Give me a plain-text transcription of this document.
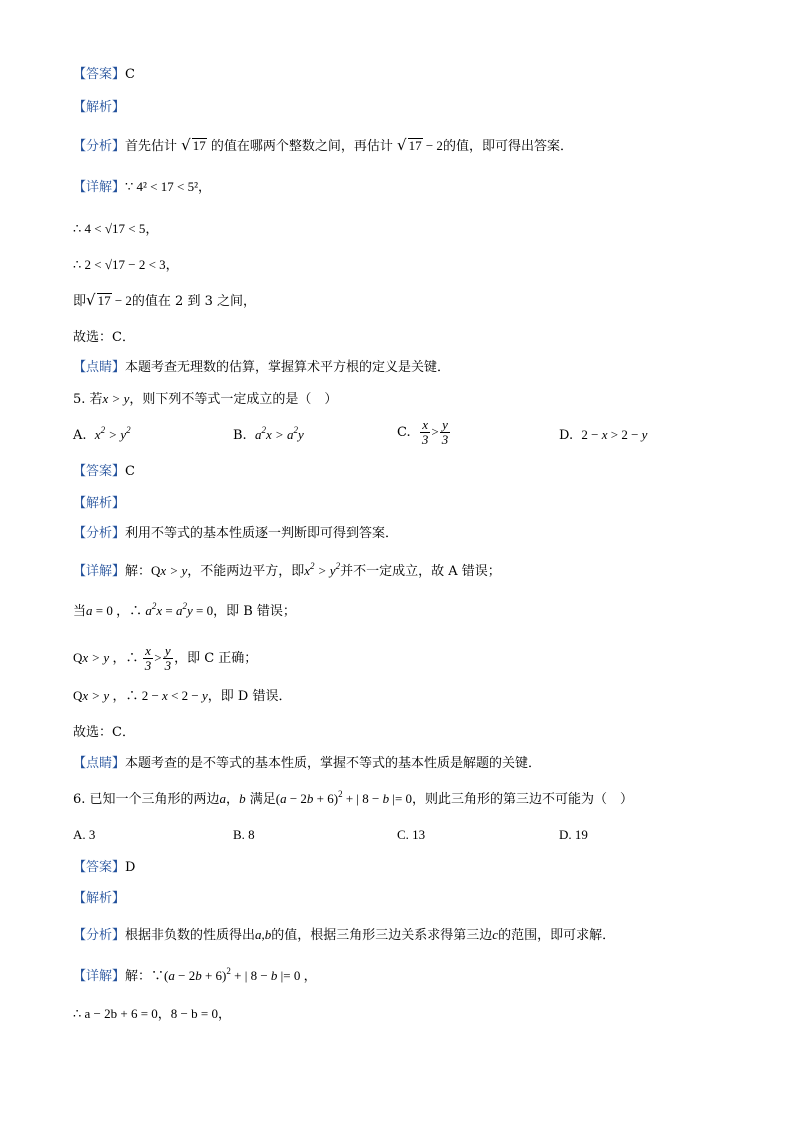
【答案】C
【解析】
【分析】首先估计 √ 17 的值在哪两个整数之间，再估计 √ 17 − 2的值，即可得出答案．
【详解】∵ 4² < 17 < 5²，
∴ 4 < √17 < 5，
∴ 2 < √17 − 2 < 3，
即√ 17 − 2的值在 2 到 3 之间，
故选：C．
【点睛】本题考查无理数的估算，掌握算术平方根的定义是关键．
5. 若x > y，则下列不等式一定成立的是（　）
A. $x^2 > y^2$	B. $a^2x > a^2y$	C. $\frac{x}{3} > \frac{y}{3}$	D. 2 − x > 2 − y
【答案】C
【解析】
【分析】利用不等式的基本性质逐一判断即可得到答案．
【详解】解：Qx > y，不能两边平方，即$x^2 > y^2$并不一定成立，故 A 错误；
当a = 0 ，∴ $a^2x = a^2y = 0$，即 B 错误；
Qx > y ，∴ $\frac{x}{3} > \frac{y}{3}$ ，即 C 正确；
Qx > y ，∴ 2 − x < 2 − y，即 D 错误．
故选：C．
【点睛】本题考查的是不等式的基本性质，掌握不等式的基本性质是解题的关键．
6. 已知一个三角形的两边a，b 满足$(a - 2b + 6)^2$ + | 8 − b |= 0，则此三角形的第三边不可能为（　）
A. 3	B. 8	C. 13	D. 19
【答案】D
【解析】
【分析】根据非负数的性质得出a,b的值，根据三角形三边关系求得第三边c的范围，即可求解．
【详解】解：∵(a − 2b + 6)$^2$ + | 8 − b |= 0 ，
∴ a − 2b + 6 = 0，8 − b = 0，
